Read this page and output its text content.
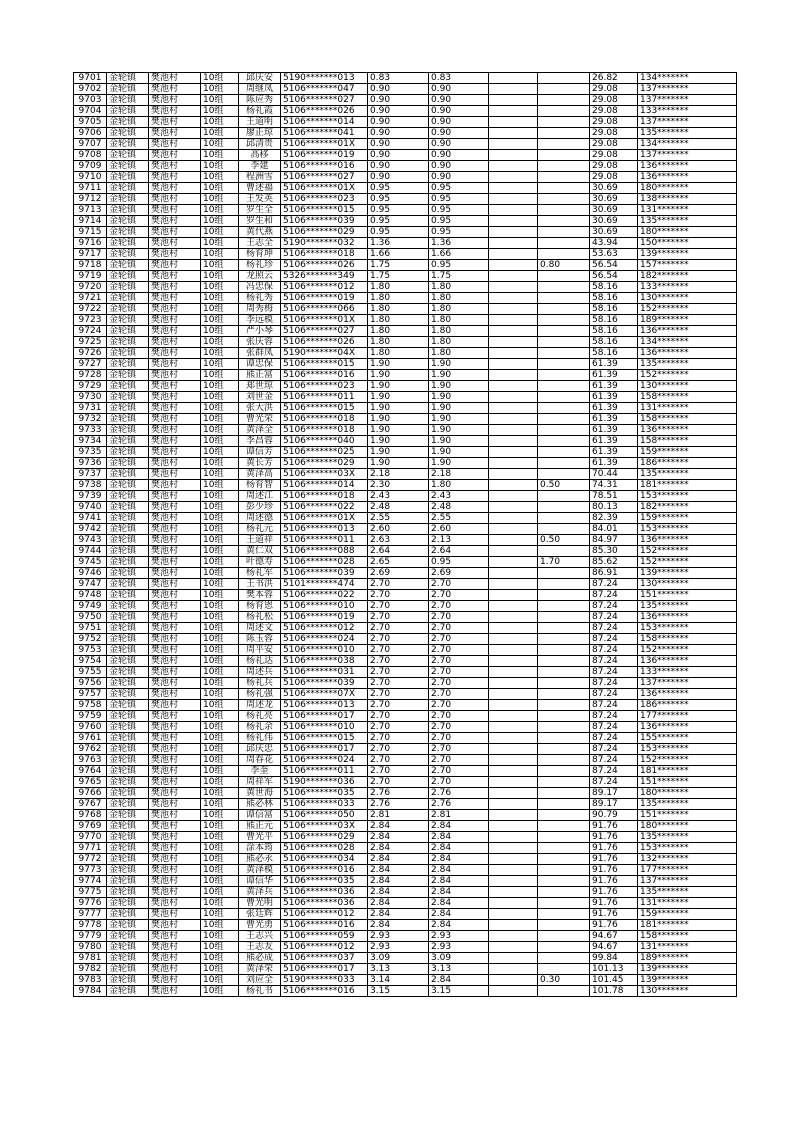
9701	金轮镇	樊池村	10组	邱庆安	5190*******013	0.83	0.83			26.82	134*******
9702	金轮镇	樊池村	10组	周继凤	5106*******047	0.90	0.90			29.08	137*******
9703	金轮镇	樊池村	10组	陈应秀	5106*******027	0.90	0.90			29.08	137*******
9704	金轮镇	樊池村	10组	杨礼霞	5106*******026	0.90	0.90			29.08	133*******
9705	金轮镇	樊池村	10组	王道明	5106*******014	0.90	0.90			29.08	137*******
9706	金轮镇	樊池村	10组	廖正琼	5106*******041	0.90	0.90			29.08	135*******
9707	金轮镇	樊池村	10组	邱清贵	5106*******01X	0.90	0.90			29.08	134*******
9708	金轮镇	樊池村	10组	高移	5106*******019	0.90	0.90			29.08	137*******
9709	金轮镇	樊池村	10组	李建	5106*******016	0.90	0.90			29.08	136*******
9710	金轮镇	樊池村	10组	程洲雪	5106*******027	0.90	0.90			29.08	136*******
9711	金轮镇	樊池村	10组	曹述福	5106*******01X	0.95	0.95			30.69	180*******
9712	金轮镇	樊池村	10组	王发英	5106*******023	0.95	0.95			30.69	138*******
9713	金轮镇	樊池村	10组	罗生全	5106*******015	0.95	0.95			30.69	131*******
9714	金轮镇	樊池村	10组	罗生和	5106*******039	0.95	0.95			30.69	135*******
9715	金轮镇	樊池村	10组	黄代燕	5106*******029	0.95	0.95			30.69	180*******
9716	金轮镇	樊池村	10组	王志全	5190*******032	1.36	1.36			43.94	150*******
9717	金轮镇	樊池村	10组	杨育坤	5106*******018	1.66	1.66			53.63	139*******
9718	金轮镇	樊池村	10组	杨礼珍	5106*******026	1.75	0.95		0.80	56.54	157*******
9719	金轮镇	樊池村	10组	龙照云	5326*******349	1.75	1.75			56.54	182*******
9720	金轮镇	樊池村	10组	冯忠保	5106*******012	1.80	1.80			58.16	133*******
9721	金轮镇	樊池村	10组	杨礼秀	5106*******019	1.80	1.80			58.16	130*******
9722	金轮镇	樊池村	10组	周秀梅	5106*******066	1.80	1.80			58.16	152*******
9723	金轮镇	樊池村	10组	李远模	5106*******01X	1.80	1.80			58.16	189*******
9724	金轮镇	樊池村	10组	严小琴	5106*******027	1.80	1.80			58.16	136*******
9725	金轮镇	樊池村	10组	张庆蓉	5106*******026	1.80	1.80			58.16	134*******
9726	金轮镇	樊池村	10组	张群凤	5190*******04X	1.80	1.80			58.16	136*******
9727	金轮镇	樊池村	10组	谭忠保	5106*******015	1.90	1.90			61.39	135*******
9728	金轮镇	樊池村	10组	熊正富	5106*******016	1.90	1.90			61.39	152*******
9729	金轮镇	樊池村	10组	郑世琼	5106*******023	1.90	1.90			61.39	130*******
9730	金轮镇	樊池村	10组	刘世金	5106*******011	1.90	1.90			61.39	158*******
9731	金轮镇	樊池村	10组	张大洪	5106*******015	1.90	1.90			61.39	131*******
9732	金轮镇	樊池村	10组	曹光荣	5106*******018	1.90	1.90			61.39	158*******
9733	金轮镇	樊池村	10组	黄泽全	5106*******018	1.90	1.90			61.39	136*******
9734	金轮镇	樊池村	10组	李昌蓉	5106*******040	1.90	1.90			61.39	158*******
9735	金轮镇	樊池村	10组	谭信芳	5106*******025	1.90	1.90			61.39	159*******
9736	金轮镇	樊池村	10组	黄长芳	5106*******029	1.90	1.90			61.39	186*******
9737	金轮镇	樊池村	10组	黄泽高	5106*******03X	2.18	2.18			70.44	135*******
9738	金轮镇	樊池村	10组	杨育智	5106*******014	2.30	1.80		0.50	74.31	181*******
9739	金轮镇	樊池村	10组	周述江	5106*******018	2.43	2.43			78.51	153*******
9740	金轮镇	樊池村	10组	彭少珍	5106*******022	2.48	2.48			80.13	182*******
9741	金轮镇	樊池村	10组	周述德	5106*******01X	2.55	2.55			82.39	159*******
9742	金轮镇	樊池村	10组	杨礼元	5106*******013	2.60	2.60			84.01	153*******
9743	金轮镇	樊池村	10组	王道祥	5106*******011	2.63	2.13		0.50	84.97	136*******
9744	金轮镇	樊池村	10组	黄仁双	5106*******088	2.64	2.64			85.30	152*******
9745	金轮镇	樊池村	10组	叶德寿	5106*******028	2.65	0.95		1.70	85.62	152*******
9746	金轮镇	樊池村	10组	杨礼军	5106*******039	2.69	2.69			86.91	139*******
9747	金轮镇	樊池村	10组	王书洪	5101*******474	2.70	2.70			87.24	130*******
9748	金轮镇	樊池村	10组	樊本蓉	5106*******022	2.70	2.70			87.24	151*******
9749	金轮镇	樊池村	10组	杨育恩	5106*******010	2.70	2.70			87.24	135*******
9750	金轮镇	樊池村	10组	杨礼松	5106*******019	2.70	2.70			87.24	136*******
9751	金轮镇	樊池村	10组	周述文	5106*******012	2.70	2.70			87.24	153*******
9752	金轮镇	樊池村	10组	陈玉蓉	5106*******024	2.70	2.70			87.24	158*******
9753	金轮镇	樊池村	10组	周平安	5106*******010	2.70	2.70			87.24	152*******
9754	金轮镇	樊池村	10组	杨礼达	5106*******038	2.70	2.70			87.24	136*******
9755	金轮镇	樊池村	10组	周述兵	5106*******031	2.70	2.70			87.24	133*******
9756	金轮镇	樊池村	10组	杨礼兵	5106*******039	2.70	2.70			87.24	137*******
9757	金轮镇	樊池村	10组	杨礼强	5106*******07X	2.70	2.70			87.24	136*******
9758	金轮镇	樊池村	10组	周述龙	5106*******013	2.70	2.70			87.24	186*******
9759	金轮镇	樊池村	10组	杨礼亮	5106*******017	2.70	2.70			87.24	177*******
9760	金轮镇	樊池村	10组	杨礼余	5106*******010	2.70	2.70			87.24	136*******
9761	金轮镇	樊池村	10组	杨礼伟	5106*******015	2.70	2.70			87.24	155*******
9762	金轮镇	樊池村	10组	邱庆忠	5106*******017	2.70	2.70			87.24	153*******
9763	金轮镇	樊池村	10组	周春花	5106*******024	2.70	2.70			87.24	152*******
9764	金轮镇	樊池村	10组	李奎	5106*******011	2.70	2.70			87.24	181*******
9765	金轮镇	樊池村	10组	周祥军	5190*******036	2.70	2.70			87.24	151*******
9766	金轮镇	樊池村	10组	黄世海	5106*******035	2.76	2.76			89.17	180*******
9767	金轮镇	樊池村	10组	熊必林	5106*******033	2.76	2.76			89.17	135*******
9768	金轮镇	樊池村	10组	谭信富	5106*******050	2.81	2.81			90.79	151*******
9769	金轮镇	樊池村	10组	熊正元	5106*******03X	2.84	2.84			91.76	180*******
9770	金轮镇	樊池村	10组	曹光平	5106*******029	2.84	2.84			91.76	135*******
9771	金轮镇	樊池村	10组	涂本筠	5106*******028	2.84	2.84			91.76	153*******
9772	金轮镇	樊池村	10组	熊必永	5106*******034	2.84	2.84			91.76	132*******
9773	金轮镇	樊池村	10组	黄泽模	5106*******016	2.84	2.84			91.76	177*******
9774	金轮镇	樊池村	10组	谭信华	5106*******035	2.84	2.84			91.76	137*******
9775	金轮镇	樊池村	10组	黄泽兵	5106*******036	2.84	2.84			91.76	135*******
9776	金轮镇	樊池村	10组	曹光明	5106*******036	2.84	2.84			91.76	131*******
9777	金轮镇	樊池村	10组	张廷辉	5106*******012	2.84	2.84			91.76	159*******
9778	金轮镇	樊池村	10组	曹光勇	5106*******016	2.84	2.84			91.76	181*******
9779	金轮镇	樊池村	10组	王志兴	5106*******059	2.93	2.93			94.67	158*******
9780	金轮镇	樊池村	10组	王志友	5106*******012	2.93	2.93			94.67	131*******
9781	金轮镇	樊池村	10组	熊必成	5106*******037	3.09	3.09			99.84	189*******
9782	金轮镇	樊池村	10组	黄泽荣	5106*******017	3.13	3.13			101.13	139*******
9783	金轮镇	樊池村	10组	刘应全	5190*******033	3.14	2.84		0.30	101.45	139*******
9784	金轮镇	樊池村	10组	杨礼书	5106*******016	3.15	3.15			101.78	130*******
